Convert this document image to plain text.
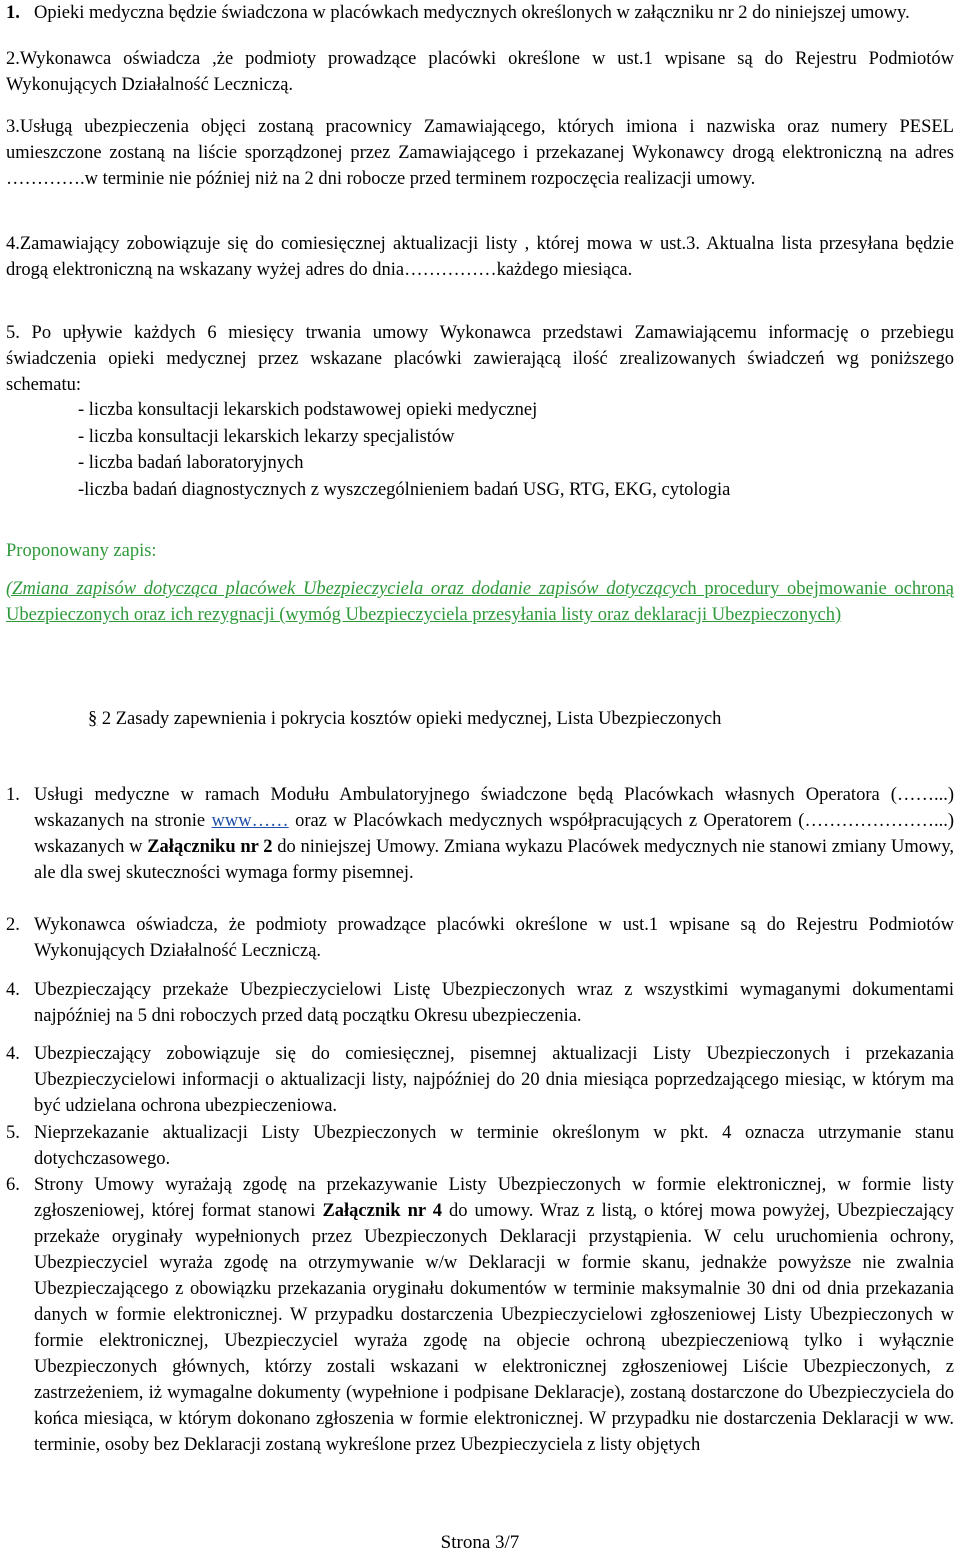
1. Opieki medyczna będzie świadczona w placówkach medycznych określonych w załączniku nr 2 do niniejszej umowy.

2.Wykonawca oświadcza ,że podmioty prowadzące placówki określone w ust.1 wpisane są do Rejestru Podmiotów Wykonujących Działalność Leczniczą.

3.Usługą ubezpieczenia objęci zostaną pracownicy Zamawiającego, których imiona i nazwiska oraz numery PESEL umieszczone zostaną na liście sporządzonej przez Zamawiającego i przekazanej Wykonawcy drogą elektroniczną na adres ………….w terminie nie później niż na 2 dni robocze przed terminem rozpoczęcia realizacji umowy.

4.Zamawiający zobowiązuje się do comiesięcznej aktualizacji listy , której mowa w ust.3. Aktualna lista przesyłana będzie drogą elektroniczną na wskazany wyżej adres do dnia……………każdego miesiąca.

5. Po upływie każdych 6 miesięcy trwania umowy Wykonawca przedstawi Zamawiającemu informację o przebiegu świadczenia opieki medycznej przez wskazane placówki zawierającą ilość zrealizowanych świadczeń wg poniższego schematu:

- liczba konsultacji lekarskich podstawowej opieki medycznej
- liczba konsultacji lekarskich lekarzy specjalistów
- liczba badań laboratoryjnych
-liczba badań diagnostycznych z wyszczególnieniem badań USG, RTG, EKG, cytologia

Proponowany zapis:

(Zmiana zapisów dotycząca placówek Ubezpieczyciela oraz dodanie zapisów dotyczących procedury obejmowanie ochroną Ubezpieczonych oraz ich rezygnacji (wymóg Ubezpieczyciela przesyłania listy oraz deklaracji Ubezpieczonych)

§ 2 Zasady zapewnienia i pokrycia kosztów opieki medycznej, Lista Ubezpieczonych

1. Usługi medyczne w ramach Modułu Ambulatoryjnego świadczone będą Placówkach własnych Operatora (……...) wskazanych na stronie www…… oraz w Placówkach medycznych współpracujących z Operatorem (…………………...) wskazanych w Załączniku nr 2 do niniejszej Umowy. Zmiana wykazu Placówek medycznych nie stanowi zmiany Umowy, ale dla swej skuteczności wymaga formy pisemnej.

2. Wykonawca oświadcza, że podmioty prowadzące placówki określone w ust.1 wpisane są do Rejestru Podmiotów Wykonujących Działalność Leczniczą.

4. Ubezpieczający przekaże Ubezpieczycielowi Listę Ubezpieczonych wraz z wszystkimi wymaganymi dokumentami najpóźniej na 5 dni roboczych przed datą początku Okresu ubezpieczenia.

4. Ubezpieczający zobowiązuje się do comiesięcznej, pisemnej aktualizacji Listy Ubezpieczonych i przekazania Ubezpieczycielowi informacji o aktualizacji listy, najpóźniej do 20 dnia miesiąca poprzedzającego miesiąc, w którym ma być udzielana ochrona ubezpieczeniowa.

5. Nieprzekazanie aktualizacji Listy Ubezpieczonych w terminie określonym w pkt. 4 oznacza utrzymanie stanu dotychczasowego.

6. Strony Umowy wyrażają zgodę na przekazywanie Listy Ubezpieczonych w formie elektronicznej, w formie listy zgłoszeniowej, której format stanowi Załącznik nr 4 do umowy. Wraz z listą, o której mowa powyżej, Ubezpieczający przekaże oryginały wypełnionych przez Ubezpieczonych Deklaracji przystąpienia. W celu uruchomienia ochrony, Ubezpieczyciel wyraża zgodę na otrzymywanie w/w Deklaracji w formie skanu, jednakże powyższe nie zwalnia Ubezpieczającego z obowiązku przekazania oryginału dokumentów w terminie maksymalnie 30 dni od dnia przekazania danych w formie elektronicznej. W przypadku dostarczenia Ubezpieczycielowi zgłoszeniowej Listy Ubezpieczonych w formie elektronicznej, Ubezpieczyciel wyraża zgodę na objecie ochroną ubezpieczeniową tylko i wyłącznie Ubezpieczonych głównych, którzy zostali wskazani w elektronicznej zgłoszeniowej Liście Ubezpieczonych, z zastrzeżeniem, iż wymagalne dokumenty (wypełnione i podpisane Deklaracje), zostaną dostarczone do Ubezpieczyciela do końca miesiąca, w którym dokonano zgłoszenia w formie elektronicznej. W przypadku nie dostarczenia Deklaracji w ww. terminie, osoby bez Deklaracji zostaną wykreślone przez Ubezpieczyciela z listy objętych

Strona 3/7
